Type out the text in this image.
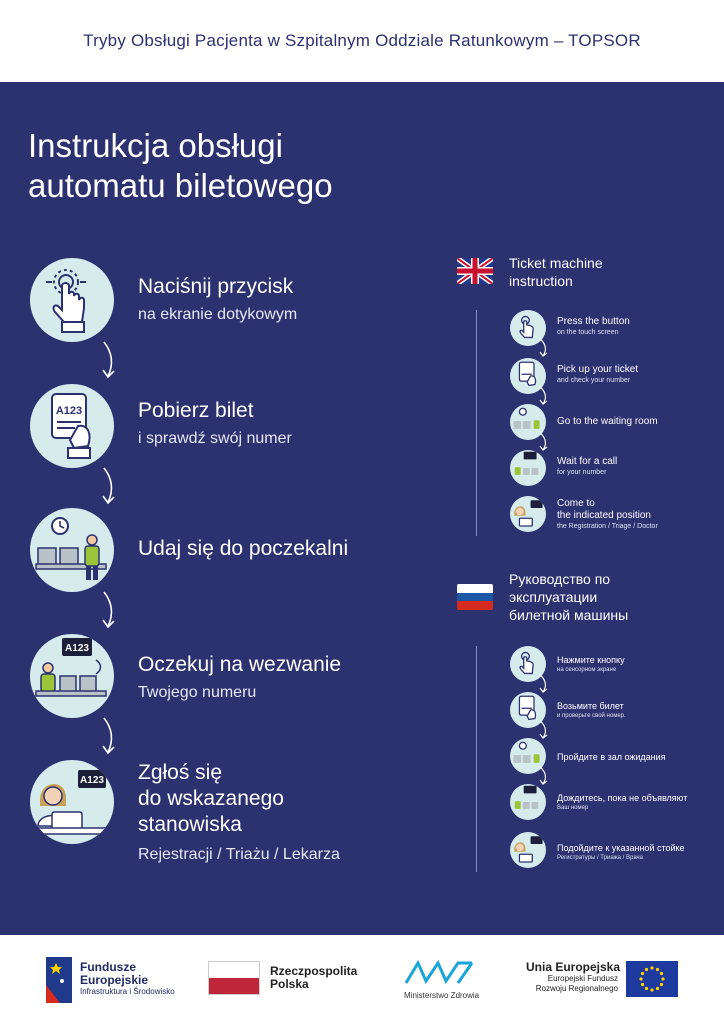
Tryby Obsługi Pacjenta w Szpitalnym Oddziale Ratunkowym – TOPSOR
Instrukcja obsługi
automatu biletowego
Naciśnij przycisk
na ekranie dotykowym
A123	Pobierz bilet
i sprawdź swój numer
Udaj się do poczekalni
A123
Oczekuj na wezwanie
Twojego numeru
A123 Zgłoś się
do wskazanego
stanowiska
Rejestracji / Triażu / Lekarza
Ticket machine
instruction
Press the button
on the touch screen
Pick up your ticket
and check your number
Go to the waiting room
Wait for a call
for your number
Come to
the indicated position
the Registration / Triage / Doctor
Руководство по
эксплуатации
билетной машины
Нажмите кнопку
на сенсорном экране
Возьмите билет
и проверьте свой номер.
Пройдите в зал ожидания
Дождитесь, пока не объявляют
Ваш номер
Подойдите к указанной стойке
Регистратуры / Триажа / Врача
Fundusze
Europejskie
Infrastruktura i Środowisko
Rzeczpospolita
Polska
Ministerstwo Zdrowia
Unia Europejska
Europejski Fundusz
Rozwoju Regionalnego
